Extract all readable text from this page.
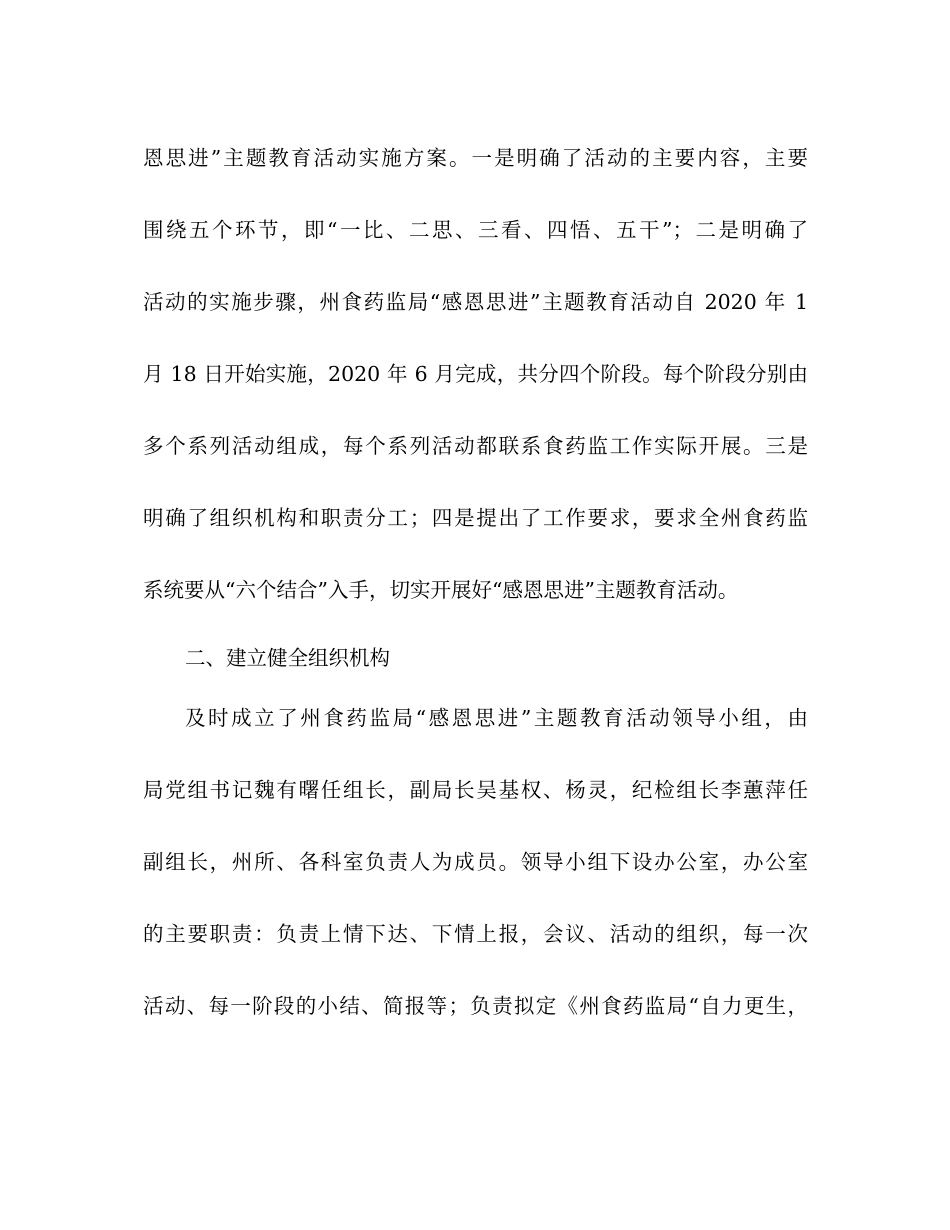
恩思进”主题教育活动实施方案。一是明确了活动的主要内容，主要
围绕五个环节，即“一比、二思、三看、四悟、五干”；二是明确了
活动的实施步骤，州食药监局“感恩思进”主题教育活动自 2020 年 1
月 18 日开始实施，2020 年 6 月完成，共分四个阶段。每个阶段分别由
多个系列活动组成，每个系列活动都联系食药监工作实际开展。三是
明确了组织机构和职责分工；四是提出了工作要求，要求全州食药监
系统要从“六个结合”入手，切实开展好“感恩思进”主题教育活动。
二、建立健全组织机构
及时成立了州食药监局“感恩思进”主题教育活动领导小组，由
局党组书记魏有曙任组长，副局长吴基权、杨灵，纪检组长李蕙萍任
副组长，州所、各科室负责人为成员。领导小组下设办公室，办公室
的主要职责：负责上情下达、下情上报，会议、活动的组织，每一次
活动、每一阶段的小结、简报等；负责拟定《州食药监局“自力更生，
